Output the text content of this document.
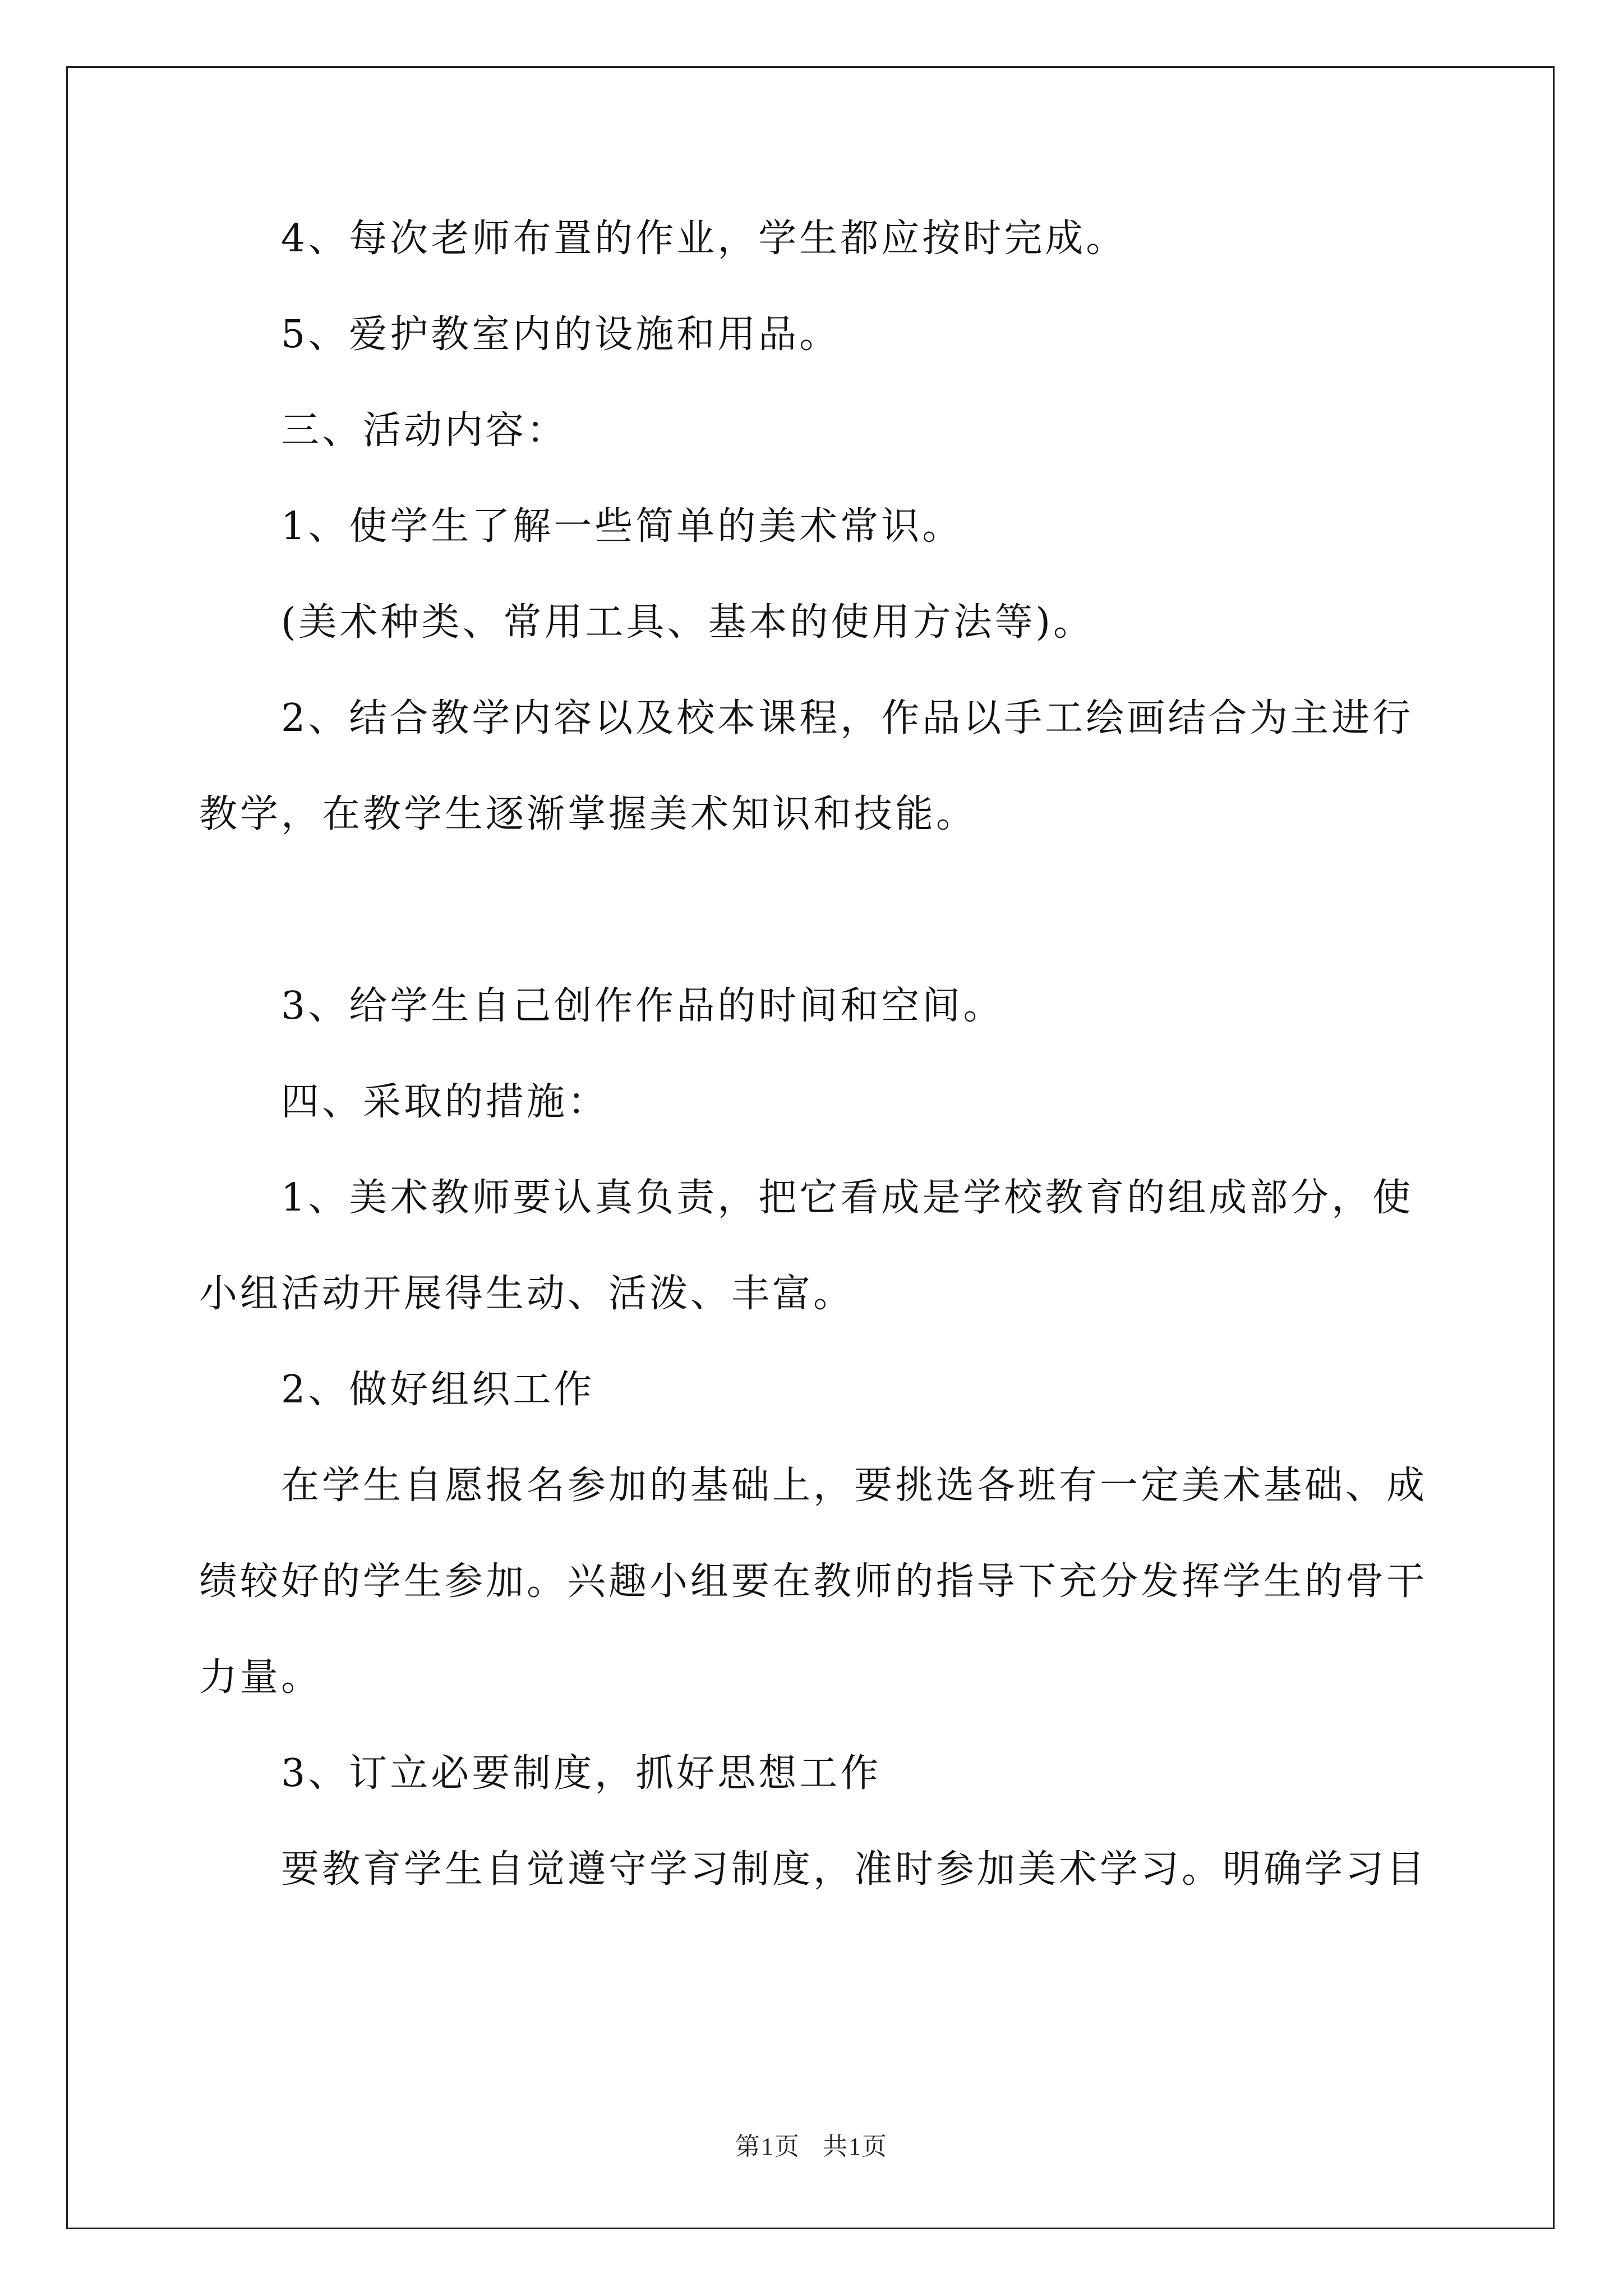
4、每次老师布置的作业，学生都应按时完成。

5、爱护教室内的设施和用品。

三、活动内容：

1、使学生了解一些简单的美术常识。

(美术种类、常用工具、基本的使用方法等)。

2、结合教学内容以及校本课程，作品以手工绘画结合为主进行教学，在教学生逐渐掌握美术知识和技能。

3、给学生自己创作作品的时间和空间。

四、采取的措施：

1、美术教师要认真负责，把它看成是学校教育的组成部分，使小组活动开展得生动、活泼、丰富。

2、做好组织工作

在学生自愿报名参加的基础上，要挑选各班有一定美术基础、成绩较好的学生参加。兴趣小组要在教师的指导下充分发挥学生的骨干力量。

3、订立必要制度，抓好思想工作

要教育学生自觉遵守学习制度，准时参加美术学习。明确学习目

第1页 共1页
